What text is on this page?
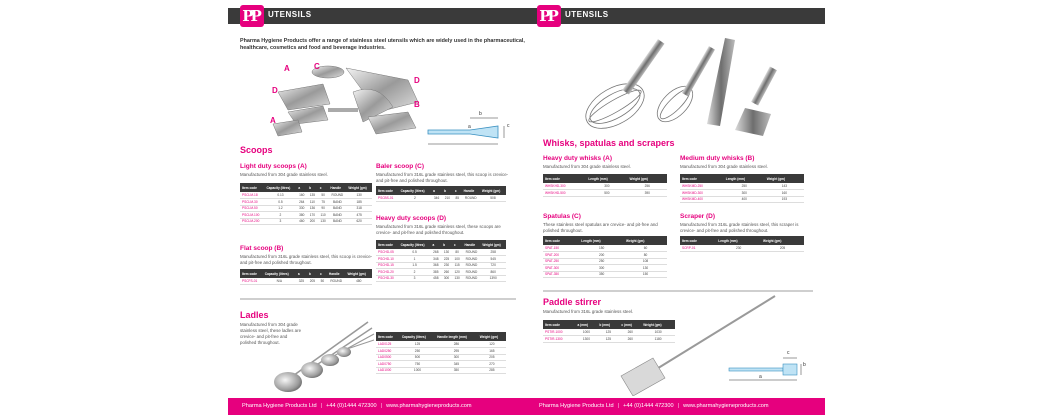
PP	UTENSILS
Pharma Hygiene Products offer a range of stainless steel utensils which are widely used in the pharmaceutical, healthcare, cosmetics and food and beverage industries.
A	C
D
D
B
A
a
b
c
Scoops
Light duty scoops (A)
Manufactured from 304 grade stainless steel.
Item code	Capacity (litres)	a	b	c	Handle	Weight (gm)
PSCLM-18	0.13	160	135	50	ROUND	130
PSCLM-30	0.5	264	110	75	BAND	185
PSCLM-50	1.2	330	136	90	BAND	318
PSCLM-100	2	380	170	110	BAND	475
PSCLM-200	3	460	200	130	BAND	620
Flat scoop (B)
Manufactured from 316L grade stainless steel, this scoop is crevice- and pit-free and polished throughout.
Item code	Capacity (litres)	a	b	c	Handle	Weight (gm)
PSCFS-01	N/A	325	205	50	ROUND	480
Baler scoop (C)
Manufactured from 316L grade stainless steel, this scoop is crevice- and pit-free and polished throughout.
Item code	Capacity (litres)	a	b	c	Handle	Weight (gm)
PSCBS-01	2	346	210	85	ROUND	508
Heavy duty scoops (D)
Manufactured from 316L grade stainless steel, these scoops are crevice- and pit-free and polished throughout.
Item code	Capacity (litres)	a	b	c	Handle	Weight (gm)
PSCHD-05	0.5	268	130	80	ROUND	258
PSCHD-10	1	348	225	100	ROUND	545
PSCHD-15	1.5	368	230	115	ROUND	720
PSCHD-20	2	385	260	120	ROUND	860
PSCHD-30	3	458	300	130	ROUND	1390
Ladles
Manufactured from 304 grade stainless steel, these ladles are crevice- and pit-free and polished throughout.
Item code	Capacity (litres)	Handle length (mm)	Weight (gm)
LAD0125	125	286	120
LAD0250	250	295	165
LAD0500	500	300	205
LAD0750	750	345	270
LAD1000	1000	350	285
Pharma Hygiene Products Ltd | +44 (0)1444 472300 | www.pharmahygieneproducts.com
PP	UTENSILS
Whisks, spatulas and scrapers
Heavy duty whisks (A)
Manufactured from 304 grade stainless steel.
Item code	Length (mm)	Weight (gm)
WHSKHD-300	300	256
WHSKHD-500	500	390
Medium duty whisks (B)
Manufactured from 304 grade stainless steel.
Item code	Length (mm)	Weight (gm)
WHSKMD-250	250	143
WHSKMD-300	300	160
WHSKMD-400	400	193
Spatulas (C)
These stainless steel spatulas are crevice- and pit-free and polished throughout.
Item code	Length (mm)	Weight (gm)
SPAT-150	150	60
SPAT-200	200	80
SPAT-250	250	108
SPAT-300	300	130
SPAT-350	350	150
Scraper (D)
Manufactured from 316L grade stainless steel, this scraper is crevice- and pit-free and polished throughout.
Item code	Length (mm)	Weight (gm)
SCRP-01	230	205
Paddle stirrer
Manufactured from 316L grade stainless steel.
Item code	a (mm)	b (mm)	c (mm)	Weight (gm)
PSTIR-1000	1000	125	260	1030
PSTIR-1300	1300	125	260	1180
a
c
b
Pharma Hygiene Products Ltd | +44 (0)1444 472300 | www.pharmahygieneproducts.com
